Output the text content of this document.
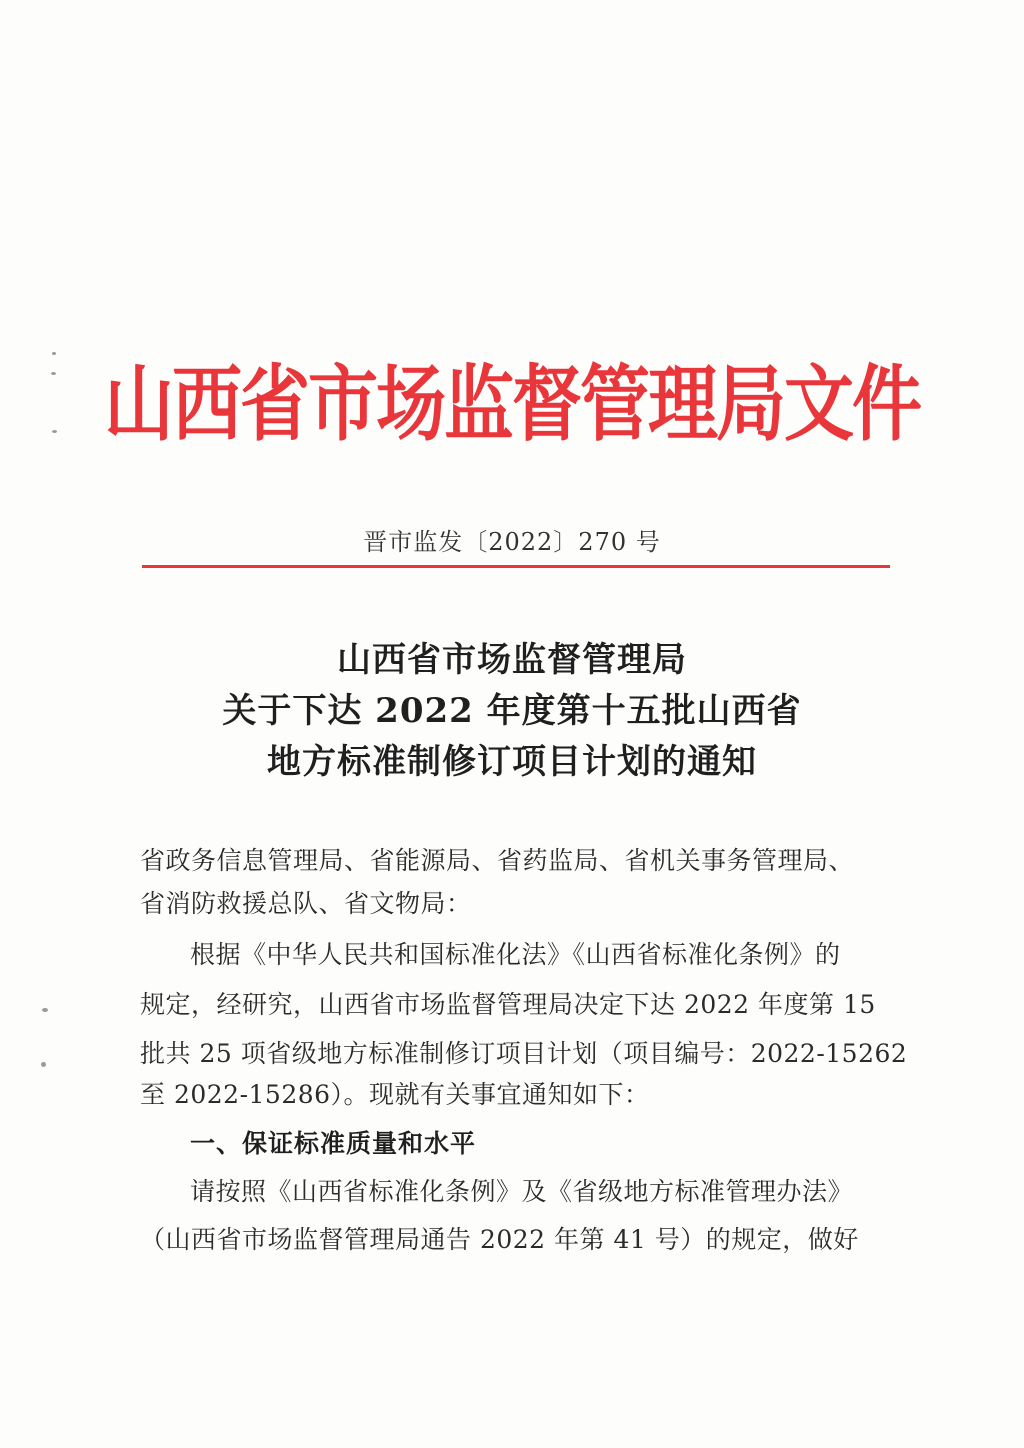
山西省市场监督管理局文件
晋市监发〔2022〕270 号
山西省市场监督管理局
关于下达 2022 年度第十五批山西省
地方标准制修订项目计划的通知
省政务信息管理局、省能源局、省药监局、省机关事务管理局、
省消防救援总队、省文物局：
根据《中华人民共和国标准化法》《山西省标准化条例》的
规定，经研究，山西省市场监督管理局决定下达 2022 年度第 15
批共 25 项省级地方标准制修订项目计划（项目编号：2022-15262
至 2022-15286）。现就有关事宜通知如下：
一、保证标准质量和水平
请按照《山西省标准化条例》及《省级地方标准管理办法》
（山西省市场监督管理局通告 2022 年第 41 号）的规定，做好
